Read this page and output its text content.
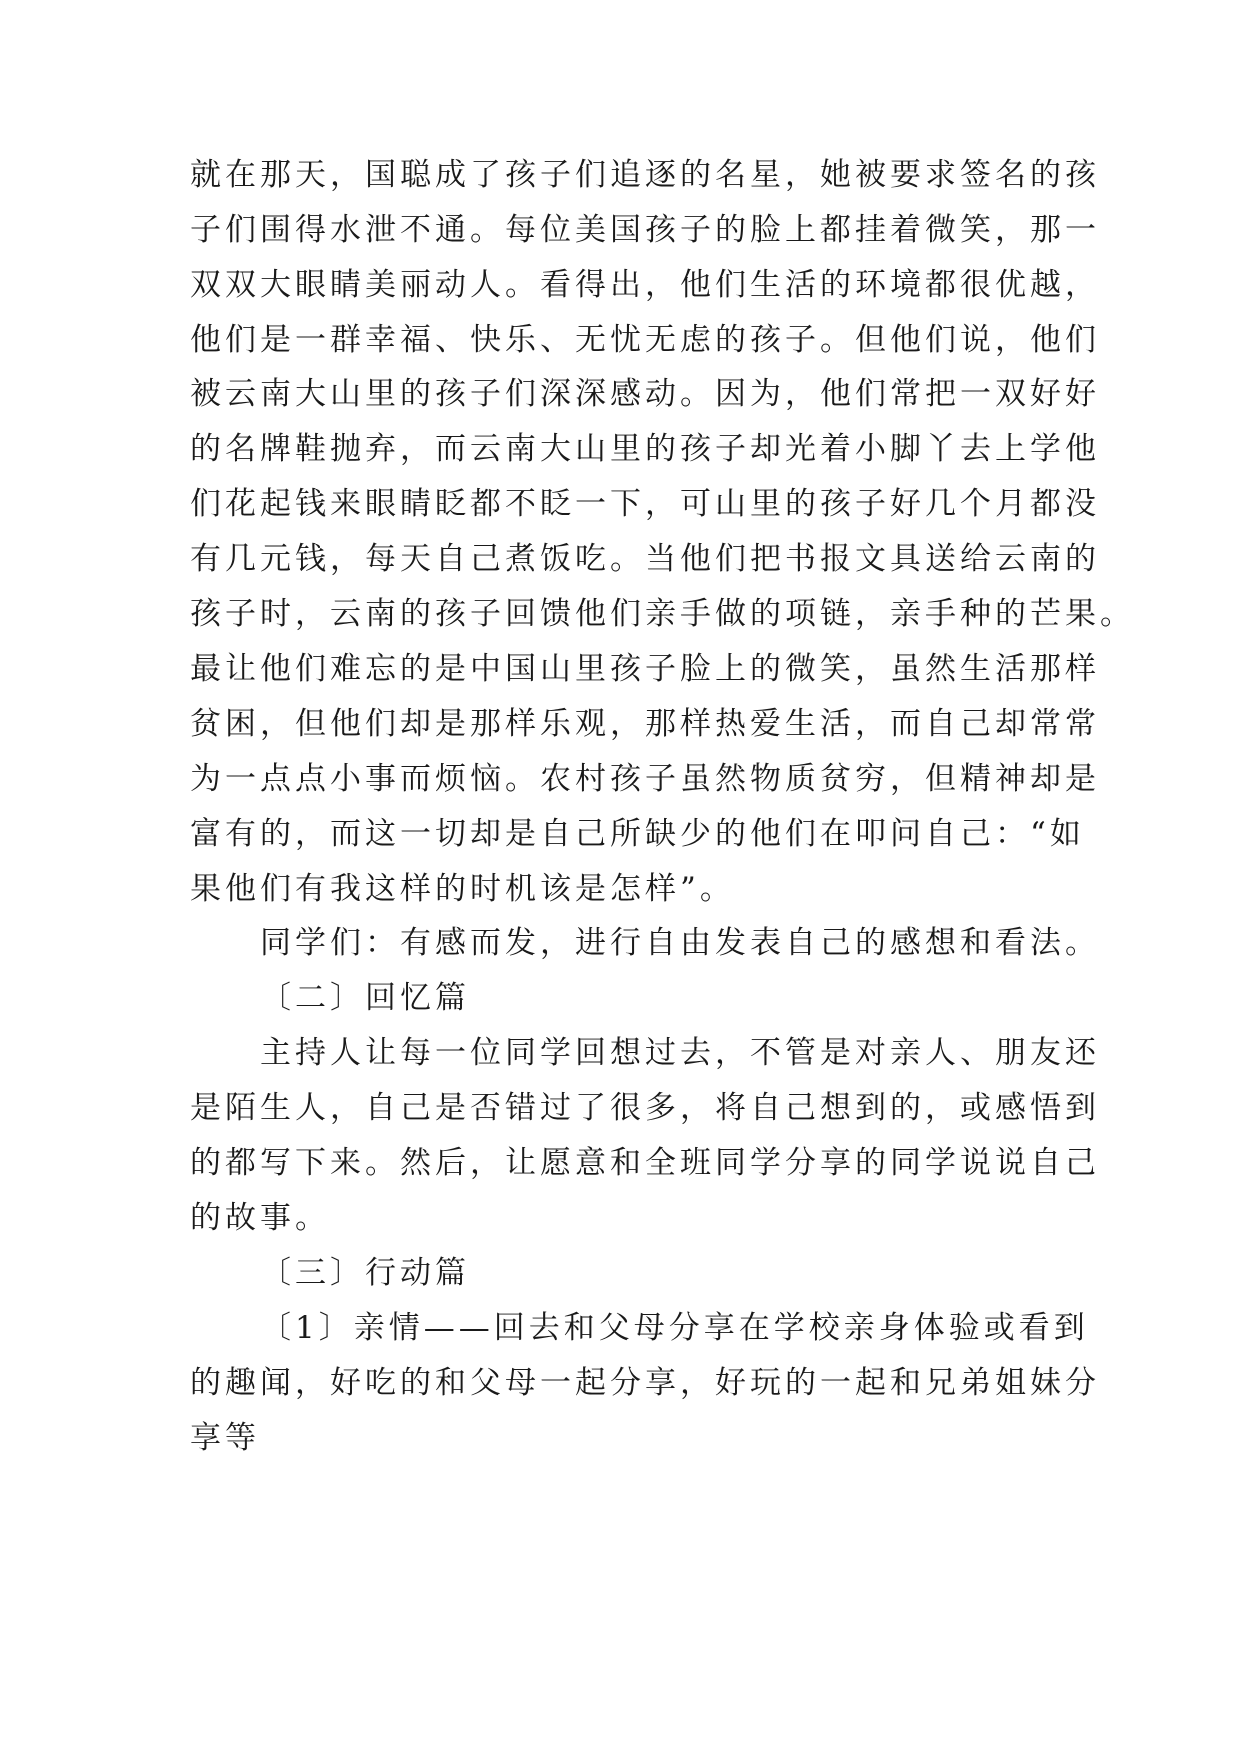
就在那天，国聪成了孩子们追逐的名星，她被要求签名的孩

子们围得水泄不通。每位美国孩子的脸上都挂着微笑，那一

双双大眼睛美丽动人。看得出，他们生活的环境都很优越，

他们是一群幸福、快乐、无忧无虑的孩子。但他们说，他们

被云南大山里的孩子们深深感动。因为，他们常把一双好好

的名牌鞋抛弃，而云南大山里的孩子却光着小脚丫去上学他

们花起钱来眼睛眨都不眨一下，可山里的孩子好几个月都没

有几元钱，每天自己煮饭吃。当他们把书报文具送给云南的

孩子时，云南的孩子回馈他们亲手做的项链，亲手种的芒果。

最让他们难忘的是中国山里孩子脸上的微笑，虽然生活那样

贫困，但他们却是那样乐观，那样热爱生活，而自己却常常

为一点点小事而烦恼。农村孩子虽然物质贫穷，但精神却是

富有的，而这一切却是自己所缺少的他们在叩问自己：“如

果他们有我这样的时机该是怎样”。

同学们：有感而发，进行自由发表自己的感想和看法。

〔二〕回忆篇

主持人让每一位同学回想过去，不管是对亲人、朋友还

是陌生人，自己是否错过了很多，将自己想到的，或感悟到

的都写下来。然后，让愿意和全班同学分享的同学说说自己

的故事。

〔三〕行动篇

〔1〕亲情——回去和父母分享在学校亲身体验或看到

的趣闻，好吃的和父母一起分享，好玩的一起和兄弟姐妹分

享等
